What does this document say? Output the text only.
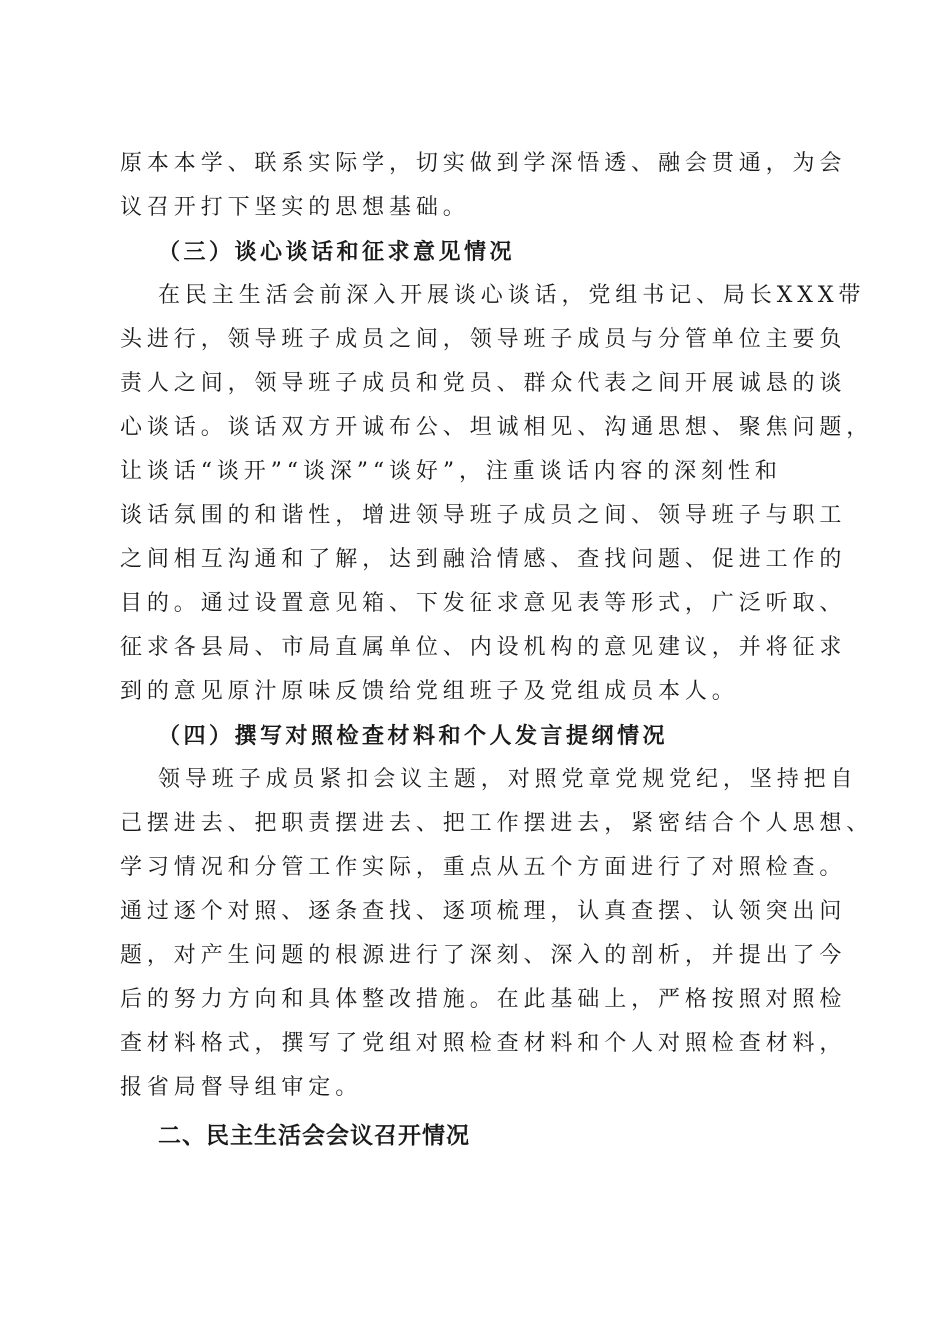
原本本学、联系实际学，切实做到学深悟透、融会贯通，为会
议召开打下坚实的思想基础。
（三）谈心谈话和征求意见情况
在民主生活会前深入开展谈心谈话，党组书记、局长XXX带
头进行，领导班子成员之间，领导班子成员与分管单位主要负
责人之间，领导班子成员和党员、群众代表之间开展诚恳的谈
心谈话。谈话双方开诚布公、坦诚相见、沟通思想、聚焦问题，
让谈话“谈开”“谈深”“谈好”，注重谈话内容的深刻性和
谈话氛围的和谐性，增进领导班子成员之间、领导班子与职工
之间相互沟通和了解，达到融洽情感、查找问题、促进工作的
目的。通过设置意见箱、下发征求意见表等形式，广泛听取、
征求各县局、市局直属单位、内设机构的意见建议，并将征求
到的意见原汁原味反馈给党组班子及党组成员本人。
（四）撰写对照检查材料和个人发言提纲情况
领导班子成员紧扣会议主题，对照党章党规党纪，坚持把自
己摆进去、把职责摆进去、把工作摆进去，紧密结合个人思想、
学习情况和分管工作实际，重点从五个方面进行了对照检查。
通过逐个对照、逐条查找、逐项梳理，认真查摆、认领突出问
题，对产生问题的根源进行了深刻、深入的剖析，并提出了今
后的努力方向和具体整改措施。在此基础上，严格按照对照检
查材料格式，撰写了党组对照检查材料和个人对照检查材料，
报省局督导组审定。
二、民主生活会会议召开情况
